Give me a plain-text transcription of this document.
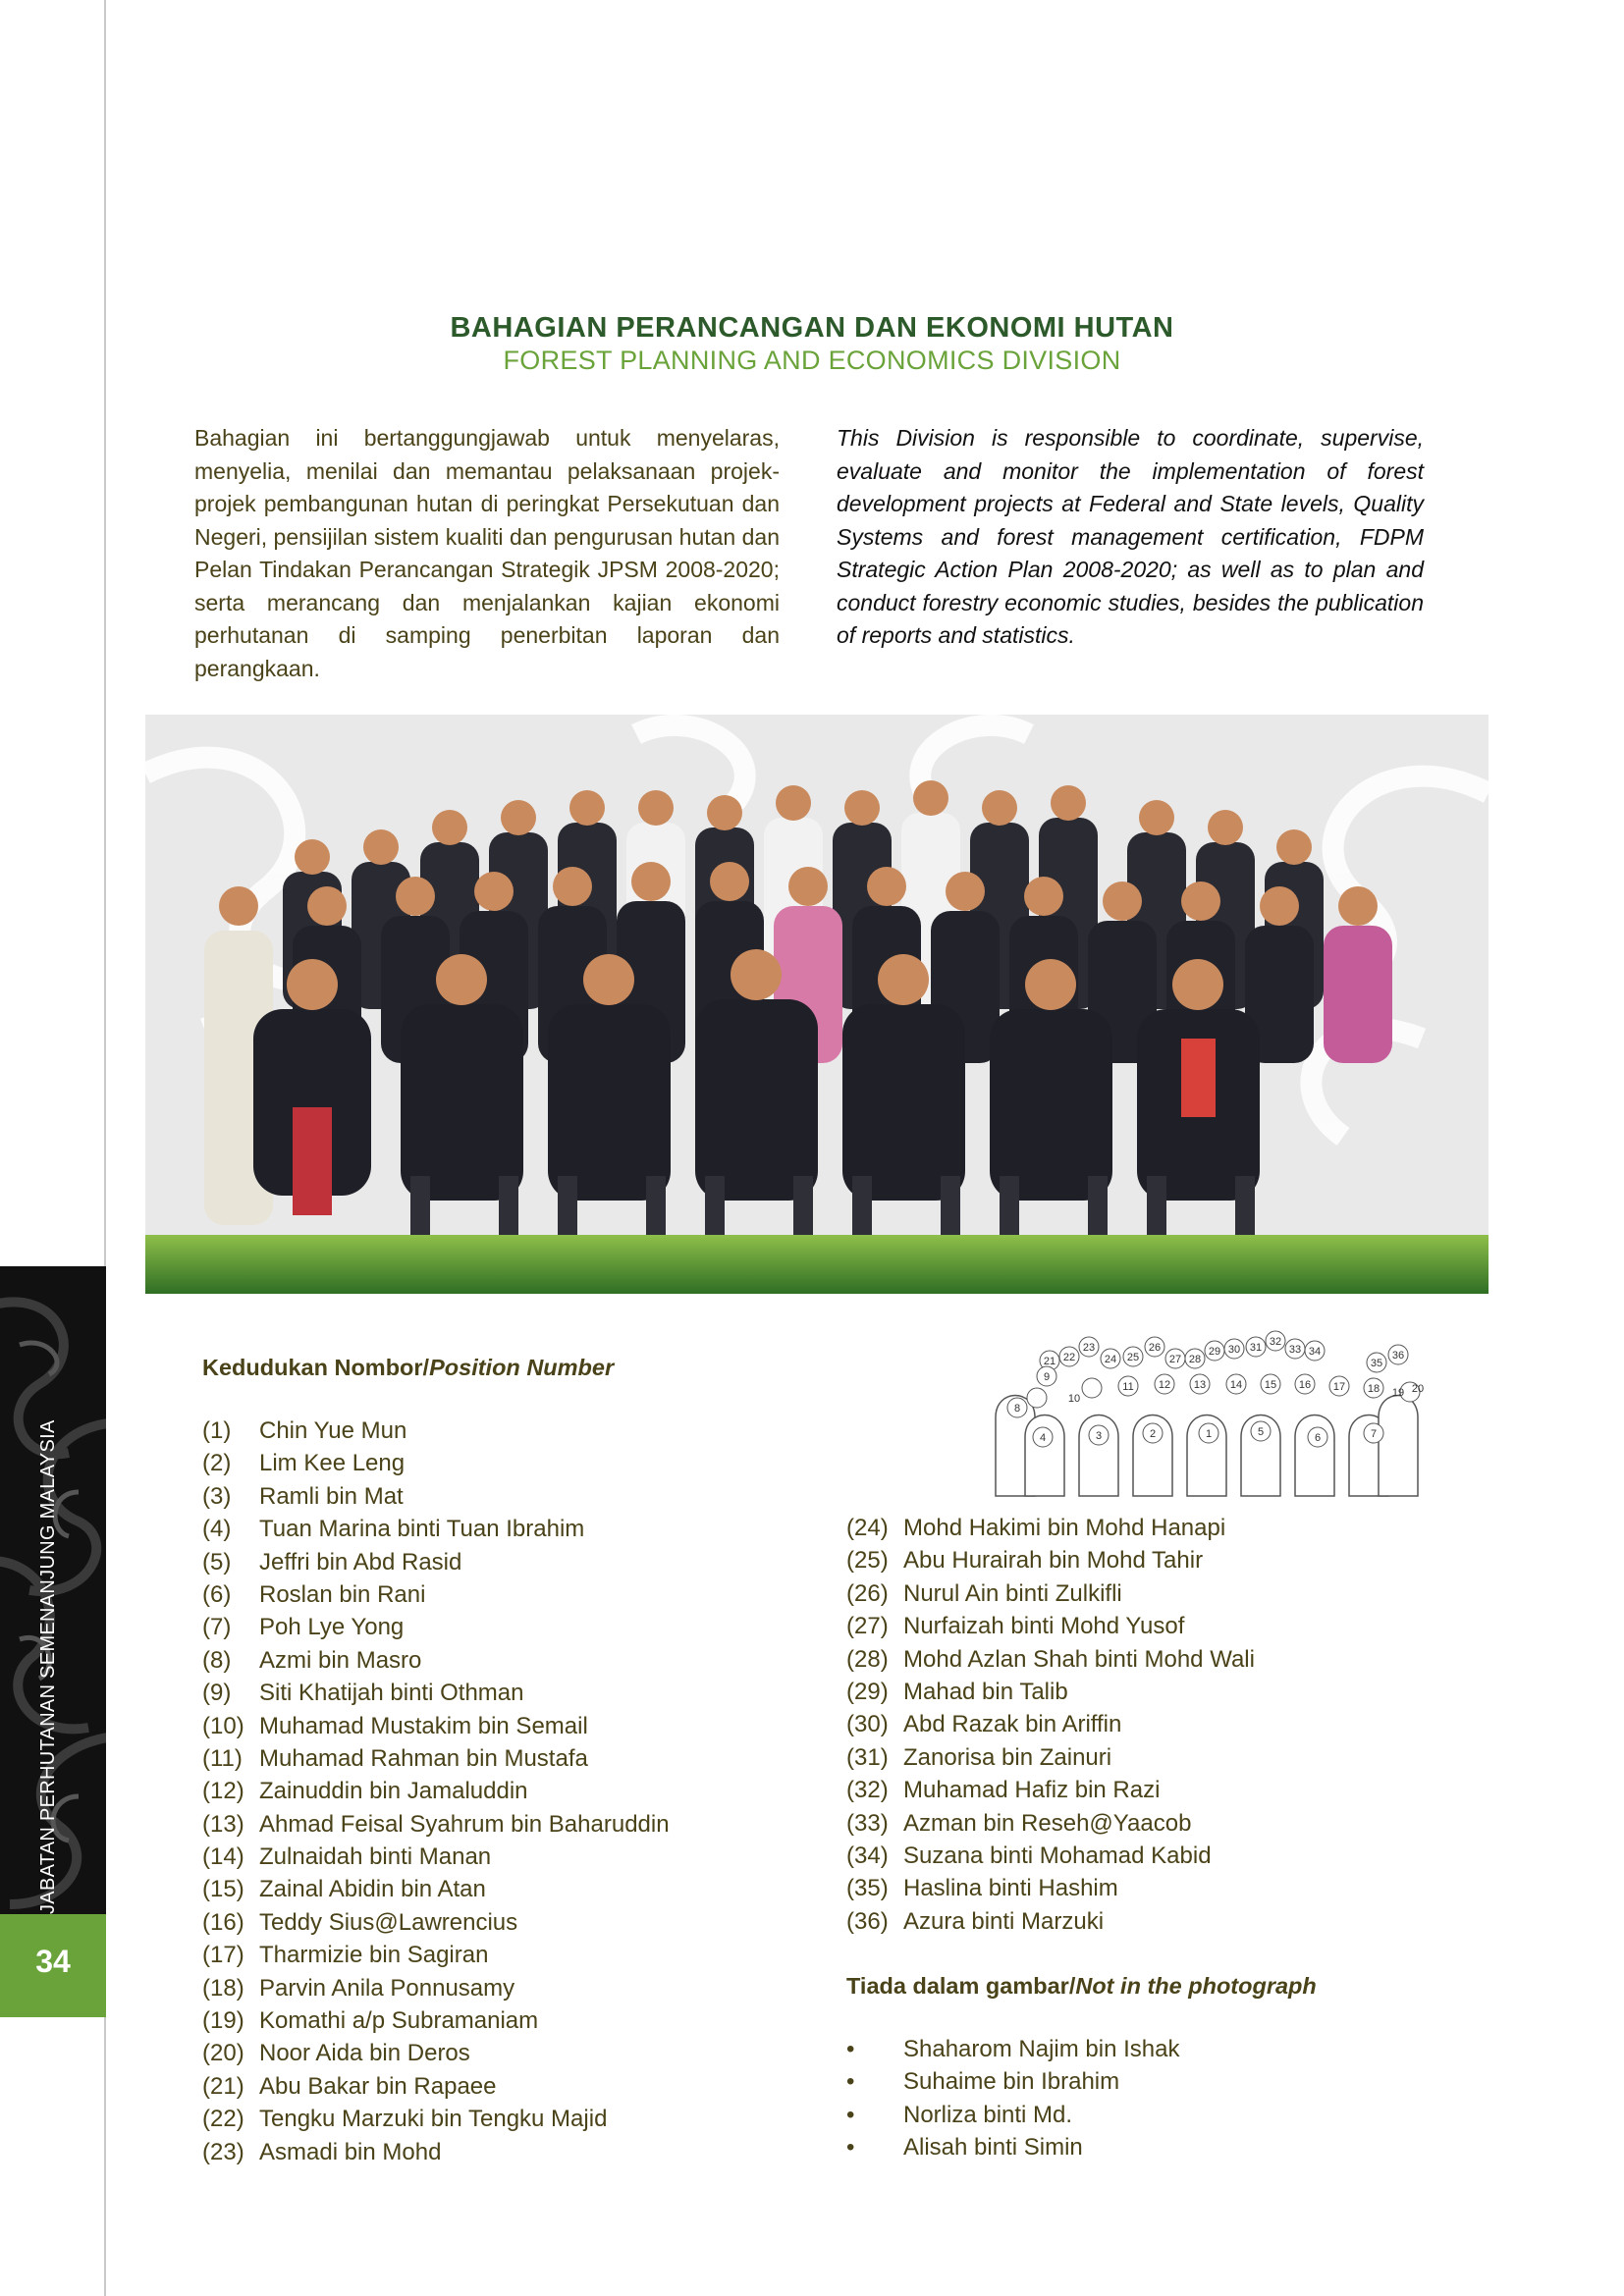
JABATAN PERHUTANAN SEMENANJUNG MALAYSIA
34
BAHAGIAN PERANCANGAN DAN EKONOMI HUTAN
FOREST PLANNING AND ECONOMICS DIVISION
Bahagian ini bertanggungjawab untuk menyelaras, menyelia, menilai dan memantau pelaksanaan projek-projek pembangunan hutan di peringkat Persekutuan dan Negeri, pensijilan sistem kualiti dan pengurusan hutan dan Pelan Tindakan Perancangan Strategik JPSM 2008-2020; serta merancang dan menjalankan kajian ekonomi perhutanan di samping penerbitan laporan dan perangkaan.
This Division is responsible to coordinate, supervise, evaluate and monitor the implementation of forest development projects at Federal and State levels, Quality Systems and forest management certification, FDPM Strategic Action Plan 2008-2020; as well as to plan and conduct forestry economic studies, besides the publication of reports and statistics.
1
2
3
4	5	6	7
8
9
10
11 12 13 14 15 16 17 18 19 20
21 22
23
24 25
26
27 28
29 30 31 32
33 34
35
36
Kedudukan Nombor/Position Number
(1) Chin Yue Mun
(2) Lim Kee Leng
(3) Ramli bin Mat
(4) Tuan Marina binti Tuan Ibrahim
(5) Jeffri bin Abd Rasid
(6) Roslan bin Rani
(7) Poh Lye Yong
(8) Azmi bin Masro
(9) Siti Khatijah binti Othman
(10) Muhamad Mustakim bin Semail
(11) Muhamad Rahman bin Mustafa
(12) Zainuddin bin Jamaluddin
(13) Ahmad Feisal Syahrum bin Baharuddin
(14) Zulnaidah binti Manan
(15) Zainal Abidin bin Atan
(16) Teddy Sius@Lawrencius
(17) Tharmizie bin Sagiran
(18) Parvin Anila Ponnusamy
(19) Komathi a/p Subramaniam
(20) Noor Aida bin Deros
(21) Abu Bakar bin Rapaee
(22) Tengku Marzuki bin Tengku Majid
(23) Asmadi bin Mohd
(24) Mohd Hakimi bin Mohd Hanapi
(25) Abu Hurairah bin Mohd Tahir
(26) Nurul Ain binti Zulkifli
(27) Nurfaizah binti Mohd Yusof
(28) Mohd Azlan Shah binti Mohd Wali
(29) Mahad bin Talib
(30) Abd Razak bin Ariffin
(31) Zanorisa bin Zainuri
(32) Muhamad Hafiz bin Razi
(33) Azman bin Reseh@Yaacob
(34) Suzana binti Mohamad Kabid
(35) Haslina binti Hashim
(36) Azura binti Marzuki
Tiada dalam gambar/Not in the photograph
• Shaharom Najim bin Ishak
• Suhaime bin Ibrahim
• Norliza binti Md.
• Alisah binti Simin
